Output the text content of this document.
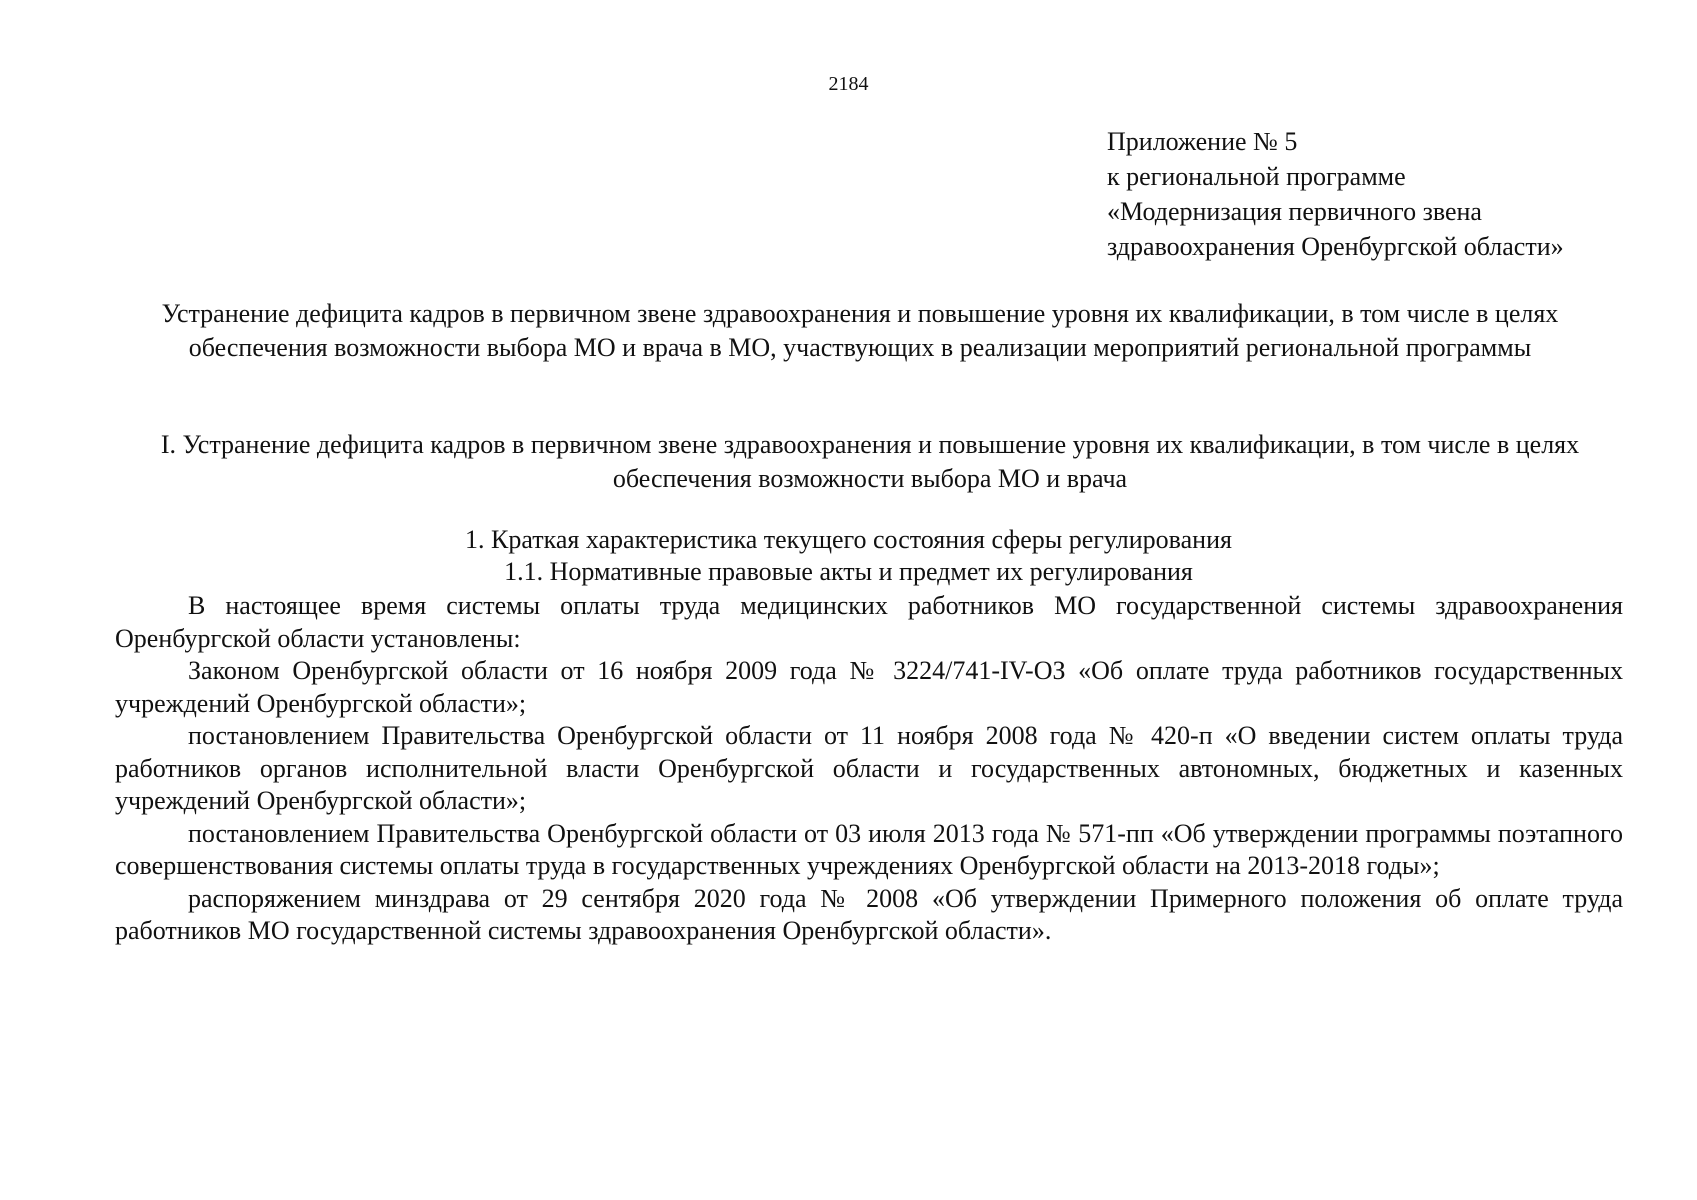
2184
Приложение № 5
к региональной программе
«Модернизация первичного звена
здравоохранения Оренбургской области»
Устранение дефицита кадров в первичном звене здравоохранения и повышение уровня их квалификации, в том числе в целях обеспечения возможности выбора МО и врача в МО, участвующих в реализации мероприятий региональной программы
I. Устранение дефицита кадров в первичном звене здравоохранения и повышение уровня их квалификации, в том числе в целях обеспечения возможности выбора МО и врача
1. Краткая характеристика текущего состояния сферы регулирования
1.1. Нормативные правовые акты и предмет их регулирования

В настоящее время системы оплаты труда медицинских работников МО государственной системы здравоохранения Оренбургской области установлены:

Законом Оренбургской области от 16 ноября 2009 года № 3224/741-IV-ОЗ «Об оплате труда работников государственных учреждений Оренбургской области»;

постановлением Правительства Оренбургской области от 11 ноября 2008 года № 420-п «О введении систем оплаты труда работников органов исполнительной власти Оренбургской области и государственных автономных, бюджетных и казенных учреждений Оренбургской области»;

постановлением Правительства Оренбургской области от 03 июля 2013 года № 571-пп «Об утверждении программы поэтапного совершенствования системы оплаты труда в государственных учреждениях Оренбургской области на 2013-2018 годы»;

распоряжением минздрава от 29 сентября 2020 года № 2008 «Об утверждении Примерного положения об оплате труда работников МО государственной системы здравоохранения Оренбургской области».
